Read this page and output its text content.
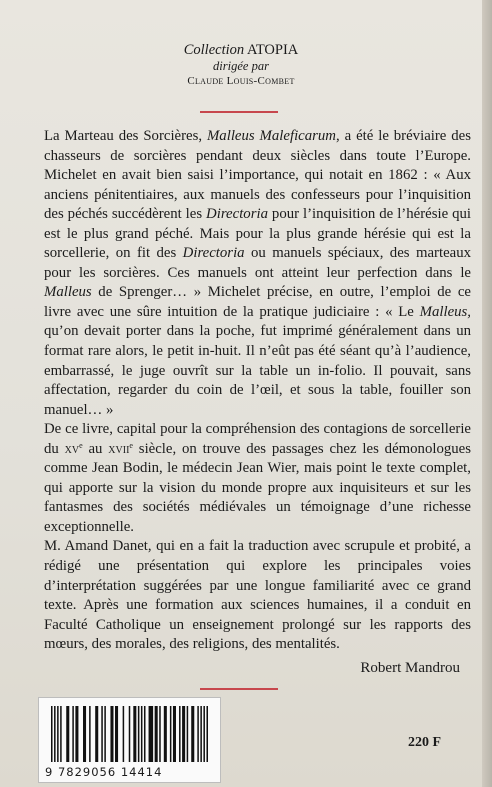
Collection ATOPIA
dirigée par
Claude Louis-Combet

La Marteau des Sorcières, Malleus Maleficarum, a été le bréviaire des chasseurs de sorcières pendant deux siècles dans toute l’Europe. Michelet en avait bien saisi l’importance, qui notait en 1862 : « Aux anciens pénitentiaires, aux manuels des confesseurs pour l’inquisition des péchés succédèrent les Directoria pour l’inquisition de l’hérésie qui est le plus grand péché. Mais pour la plus grande hérésie qui est la sorcellerie, on fit des Directoria ou manuels spéciaux, des marteaux pour les sorcières. Ces manuels ont atteint leur perfection dans le Malleus de Sprenger… » Michelet précise, en outre, l’emploi de ce livre avec une sûre intuition de la pratique judiciaire : « Le Malleus, qu’on devait porter dans la poche, fut imprimé généralement dans un format rare alors, le petit in-huit. Il n’eût pas été séant qu’à l’audience, embarrassé, le juge ouvrît sur la table un in-folio. Il pouvait, sans affectation, regarder du coin de l’œil, et sous la table, fouiller son manuel… »

De ce livre, capital pour la compréhension des contagions de sorcellerie du $xv^e$ au xvii$^e$ siècle, on trouve des passages chez les démonologues comme Jean Bodin, le médecin Jean Wier, mais point le texte complet, qui apporte sur la vision du monde propre aux inquisiteurs et sur les fantasmes des sociétés médiévales un témoignage d’une richesse exceptionnelle.

M. Amand Danet, qui en a fait la traduction avec scrupule et probité, a rédigé une présentation qui explore les principales voies d’interprétation suggérées par une longue familiarité avec ce grand texte. Après une formation aux sciences humaines, il a conduit en Faculté Catholique un enseignement prolongé sur les rapports des mœurs, des morales, des religions, des mentalités.

Robert Mandrou
9 7829056 14414
220 F
